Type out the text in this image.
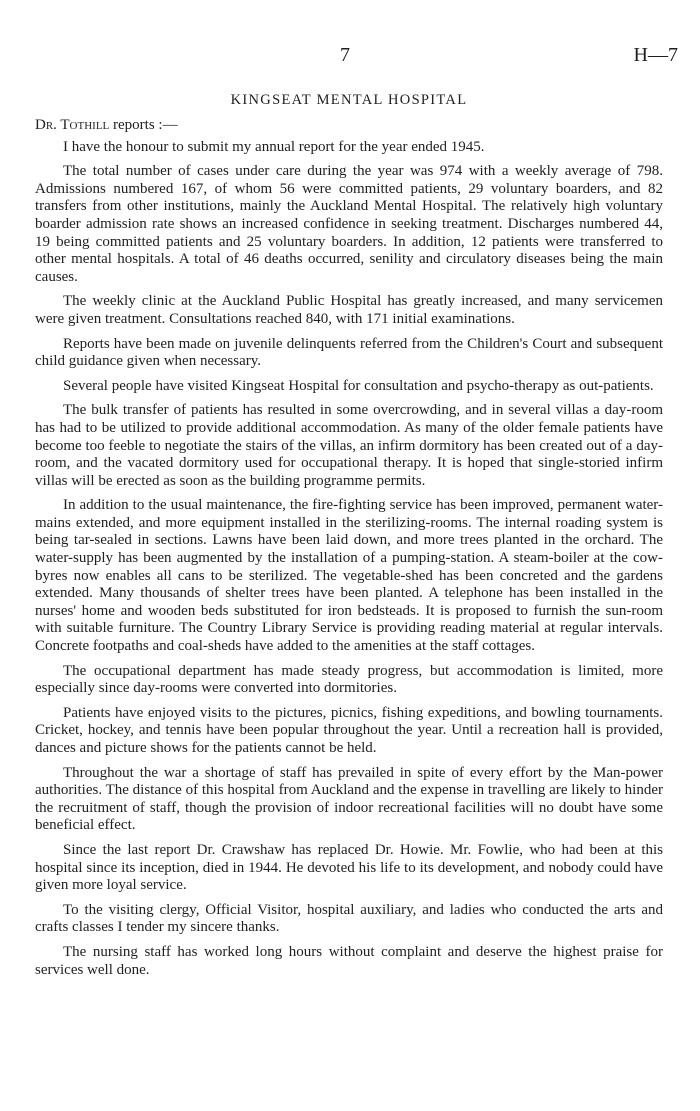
7	H—7
KINGSEAT MENTAL HOSPITAL
Dr. Tothill reports :—

I have the honour to submit my annual report for the year ended 1945.

The total number of cases under care during the year was 974 with a weekly average of 798. Admissions numbered 167, of whom 56 were committed patients, 29 voluntary boarders, and 82 transfers from other institutions, mainly the Auckland Mental Hospital. The relatively high voluntary boarder admission rate shows an increased confidence in seeking treatment. Discharges numbered 44, 19 being committed patients and 25 voluntary boarders. In addition, 12 patients were transferred to other mental hospitals. A total of 46 deaths occurred, senility and circulatory diseases being the main causes.

The weekly clinic at the Auckland Public Hospital has greatly increased, and many servicemen were given treatment. Consultations reached 840, with 171 initial examinations.

Reports have been made on juvenile delinquents referred from the Children's Court and subsequent child guidance given when necessary.

Several people have visited Kingseat Hospital for consultation and psycho-therapy as out-patients.

The bulk transfer of patients has resulted in some overcrowding, and in several villas a day-room has had to be utilized to provide additional accommodation. As many of the older female patients have become too feeble to negotiate the stairs of the villas, an infirm dormitory has been created out of a day-room, and the vacated dormitory used for occupational therapy. It is hoped that single-storied infirm villas will be erected as soon as the building programme permits.

In addition to the usual maintenance, the fire-fighting service has been improved, permanent water-mains extended, and more equipment installed in the sterilizing-rooms. The internal roading system is being tar-sealed in sections. Lawns have been laid down, and more trees planted in the orchard. The water-supply has been augmented by the installation of a pumping-station. A steam-boiler at the cow-byres now enables all cans to be sterilized. The vegetable-shed has been concreted and the gardens extended. Many thousands of shelter trees have been planted. A telephone has been installed in the nurses' home and wooden beds substituted for iron bedsteads. It is proposed to furnish the sun-room with suitable furniture. The Country Library Service is providing reading material at regular intervals. Concrete footpaths and coal-sheds have added to the amenities at the staff cottages.

The occupational department has made steady progress, but accommodation is limited, more especially since day-rooms were converted into dormitories.

Patients have enjoyed visits to the pictures, picnics, fishing expeditions, and bowling tournaments. Cricket, hockey, and tennis have been popular throughout the year. Until a recreation hall is provided, dances and picture shows for the patients cannot be held.

Throughout the war a shortage of staff has prevailed in spite of every effort by the Man-power authorities. The distance of this hospital from Auckland and the expense in travelling are likely to hinder the recruitment of staff, though the provision of indoor recreational facilities will no doubt have some beneficial effect.

Since the last report Dr. Crawshaw has replaced Dr. Howie. Mr. Fowlie, who had been at this hospital since its inception, died in 1944. He devoted his life to its development, and nobody could have given more loyal service.

To the visiting clergy, Official Visitor, hospital auxiliary, and ladies who conducted the arts and crafts classes I tender my sincere thanks.

The nursing staff has worked long hours without complaint and deserve the highest praise for services well done.
